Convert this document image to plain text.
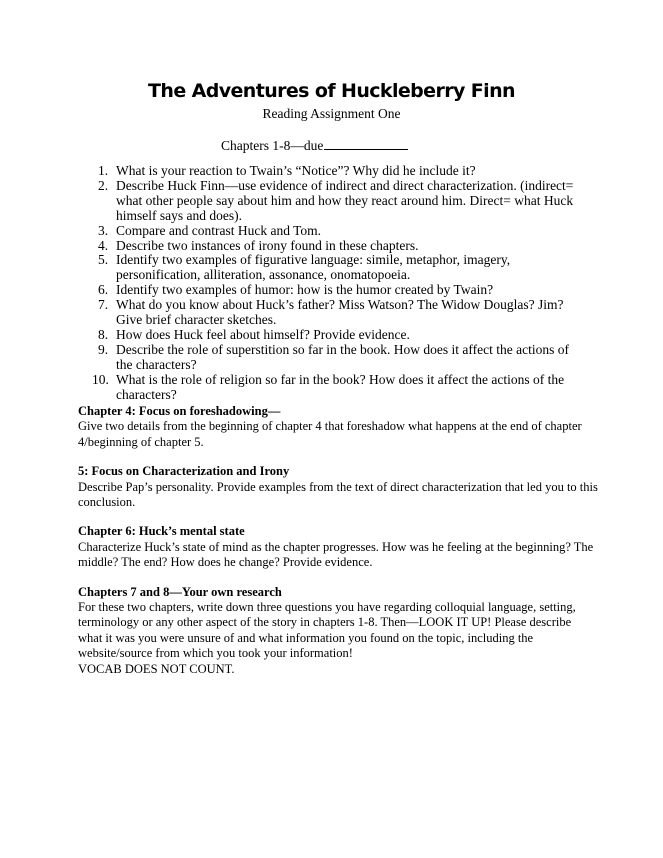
The Adventures of Huckleberry Finn
Reading Assignment One
Chapters 1-8—due
1. What is your reaction to Twain’s “Notice”? Why did he include it?
2. Describe Huck Finn—use evidence of indirect and direct characterization. (indirect= what other people say about him and how they react around him. Direct= what Huck himself says and does).
3. Compare and contrast Huck and Tom.
4. Describe two instances of irony found in these chapters.
5. Identify two examples of figurative language: simile, metaphor, imagery, personification, alliteration, assonance, onomatopoeia.
6. Identify two examples of humor: how is the humor created by Twain?
7. What do you know about Huck’s father? Miss Watson? The Widow Douglas? Jim? Give brief character sketches.
8. How does Huck feel about himself? Provide evidence.
9. Describe the role of superstition so far in the book. How does it affect the actions of the characters?
10. What is the role of religion so far in the book? How does it affect the actions of the characters?
Chapter 4: Focus on foreshadowing—

Give two details from the beginning of chapter 4 that foreshadow what happens at the end of chapter 4/beginning of chapter 5.

5: Focus on Characterization and Irony

Describe Pap’s personality. Provide examples from the text of direct characterization that led you to this conclusion.

Chapter 6: Huck’s mental state

Characterize Huck’s state of mind as the chapter progresses. How was he feeling at the beginning? The middle? The end? How does he change? Provide evidence.

Chapters 7 and 8—Your own research

For these two chapters, write down three questions you have regarding colloquial language, setting, terminology or any other aspect of the story in chapters 1-8. Then—LOOK IT UP! Please describe what it was you were unsure of and what information you found on the topic, including the website/source from which you took your information!

VOCAB DOES NOT COUNT.
